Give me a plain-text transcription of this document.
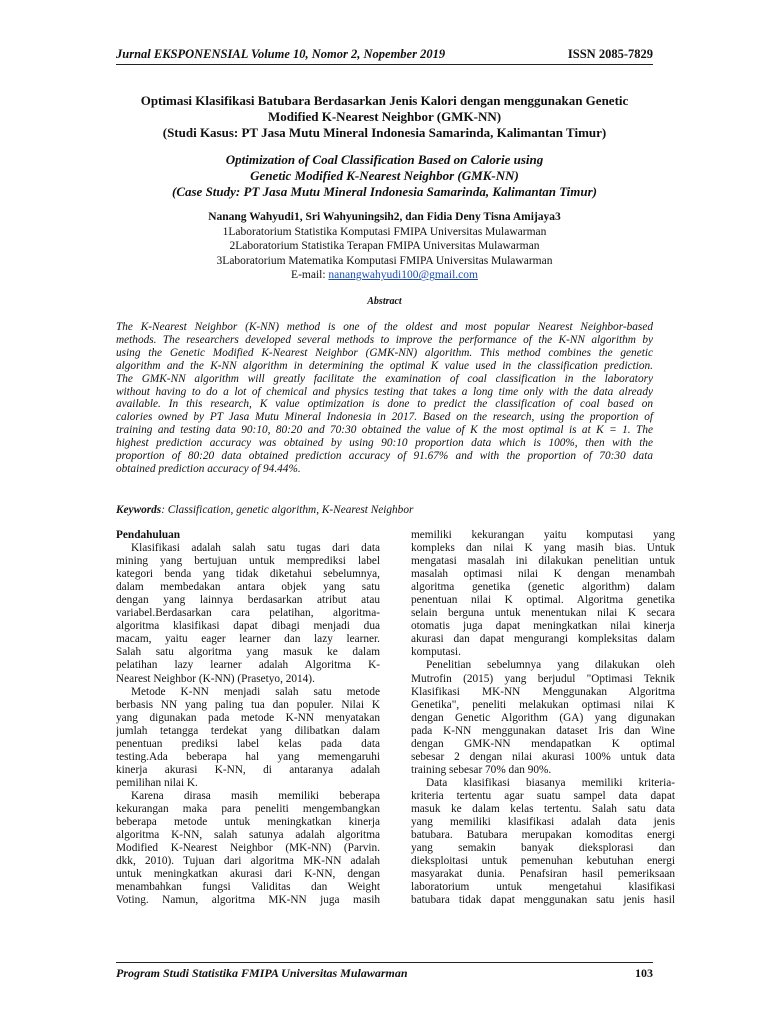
Jurnal EKSPONENSIAL Volume 10, Nomor 2, Nopember 2019	ISSN 2085-7829
Optimasi Klasifikasi Batubara Berdasarkan Jenis Kalori dengan menggunakan Genetic
Modified K-Nearest Neighbor (GMK-NN)
(Studi Kasus: PT Jasa Mutu Mineral Indonesia Samarinda, Kalimantan Timur)
Optimization of Coal Classification Based on Calorie using
Genetic Modified K-Nearest Neighbor (GMK-NN)
(Case Study: PT Jasa Mutu Mineral Indonesia Samarinda, Kalimantan Timur)
Nanang Wahyudi1, Sri Wahyuningsih2, dan Fidia Deny Tisna Amijaya3
1Laboratorium Statistika Komputasi FMIPA Universitas Mulawarman
2Laboratorium Statistika Terapan FMIPA Universitas Mulawarman
3Laboratorium Matematika Komputasi FMIPA Universitas Mulawarman
E-mail: nanangwahyudi100@gmail.com
Abstract
The K-Nearest Neighbor (K-NN) method is one of the oldest and most popular Nearest Neighbor-based
methods. The researchers developed several methods to improve the performance of the K-NN algorithm by
using the Genetic Modified K-Nearest Neighbor (GMK-NN) algorithm. This method combines the genetic
algorithm and the K-NN algorithm in determining the optimal K value used in the classification prediction.
The GMK-NN algorithm will greatly facilitate the examination of coal classification in the laboratory
without having to do a lot of chemical and physics testing that takes a long time only with the data already
available. In this research, K value optimization is done to predict the classification of coal based on
calories owned by PT Jasa Mutu Mineral Indonesia in 2017. Based on the research, using the proportion of
training and testing data 90:10, 80:20 and 70:30 obtained the value of K the most optimal is at K = 1. The
highest prediction accuracy was obtained by using 90:10 proportion data which is 100%, then with the
proportion of 80:20 data obtained prediction accuracy of 91.67% and with the proportion of 70:30 data
obtained prediction accuracy of 94.44%.
Keywords: Classification, genetic algorithm, K-Nearest Neighbor
Pendahuluan
Klasifikasi adalah salah satu tugas dari data
mining yang bertujuan untuk memprediksi label
kategori benda yang tidak diketahui sebelumnya,
dalam membedakan antara objek yang satu
dengan yang lainnya berdasarkan atribut atau
variabel.Berdasarkan cara pelatihan, algoritma-
algoritma klasifikasi dapat dibagi menjadi dua
macam, yaitu eager learner dan lazy learner.
Salah satu algoritma yang masuk ke dalam
pelatihan lazy learner adalah Algoritma K-
Nearest Neighbor (K-NN) (Prasetyo, 2014).
Metode K-NN menjadi salah satu metode
berbasis NN yang paling tua dan populer. Nilai K
yang digunakan pada metode K-NN menyatakan
jumlah tetangga terdekat yang dilibatkan dalam
penentuan prediksi label kelas pada data
testing.Ada beberapa hal yang memengaruhi
kinerja akurasi K-NN, di antaranya adalah
pemilihan nilai K.
Karena dirasa masih memiliki beberapa
kekurangan maka para peneliti mengembangkan
beberapa metode untuk meningkatkan kinerja
algoritma K-NN, salah satunya adalah algoritma
Modified K-Nearest Neighbor (MK-NN) (Parvin.
dkk, 2010). Tujuan dari algoritma MK-NN adalah
untuk meningkatkan akurasi dari K-NN, dengan
menambahkan fungsi Validitas dan Weight
Voting. Namun, algoritma MK-NN juga masih
memiliki kekurangan yaitu komputasi yang
kompleks dan nilai K yang masih bias. Untuk
mengatasi masalah ini dilakukan penelitian untuk
masalah optimasi nilai K dengan menambah
algoritma genetika (genetic algorithm) dalam
penentuan nilai K optimal. Algoritma genetika
selain berguna untuk menentukan nilai K secara
otomatis juga dapat meningkatkan nilai kinerja
akurasi dan dapat mengurangi kompleksitas dalam
komputasi.
Penelitian sebelumnya yang dilakukan oleh
Mutrofin (2015) yang berjudul "Optimasi Teknik
Klasifikasi MK-NN Menggunakan Algoritma
Genetika", peneliti melakukan optimasi nilai K
dengan Genetic Algorithm (GA) yang digunakan
pada K-NN menggunakan dataset Iris dan Wine
dengan GMK-NN mendapatkan K optimal
sebesar 2 dengan nilai akurasi 100% untuk data
training sebesar 70% dan 90%.
Data klasifikasi biasanya memiliki kriteria-
kriteria tertentu agar suatu sampel data dapat
masuk ke dalam kelas tertentu. Salah satu data
yang memiliki klasifikasi adalah data jenis
batubara. Batubara merupakan komoditas energi
yang semakin banyak dieksplorasi dan
dieksploitasi untuk pemenuhan kebutuhan energi
masyarakat dunia. Penafsiran hasil pemeriksaan
laboratorium untuk mengetahui klasifikasi
batubara tidak dapat menggunakan satu jenis hasil
Program Studi Statistika FMIPA Universitas Mulawarman	103
